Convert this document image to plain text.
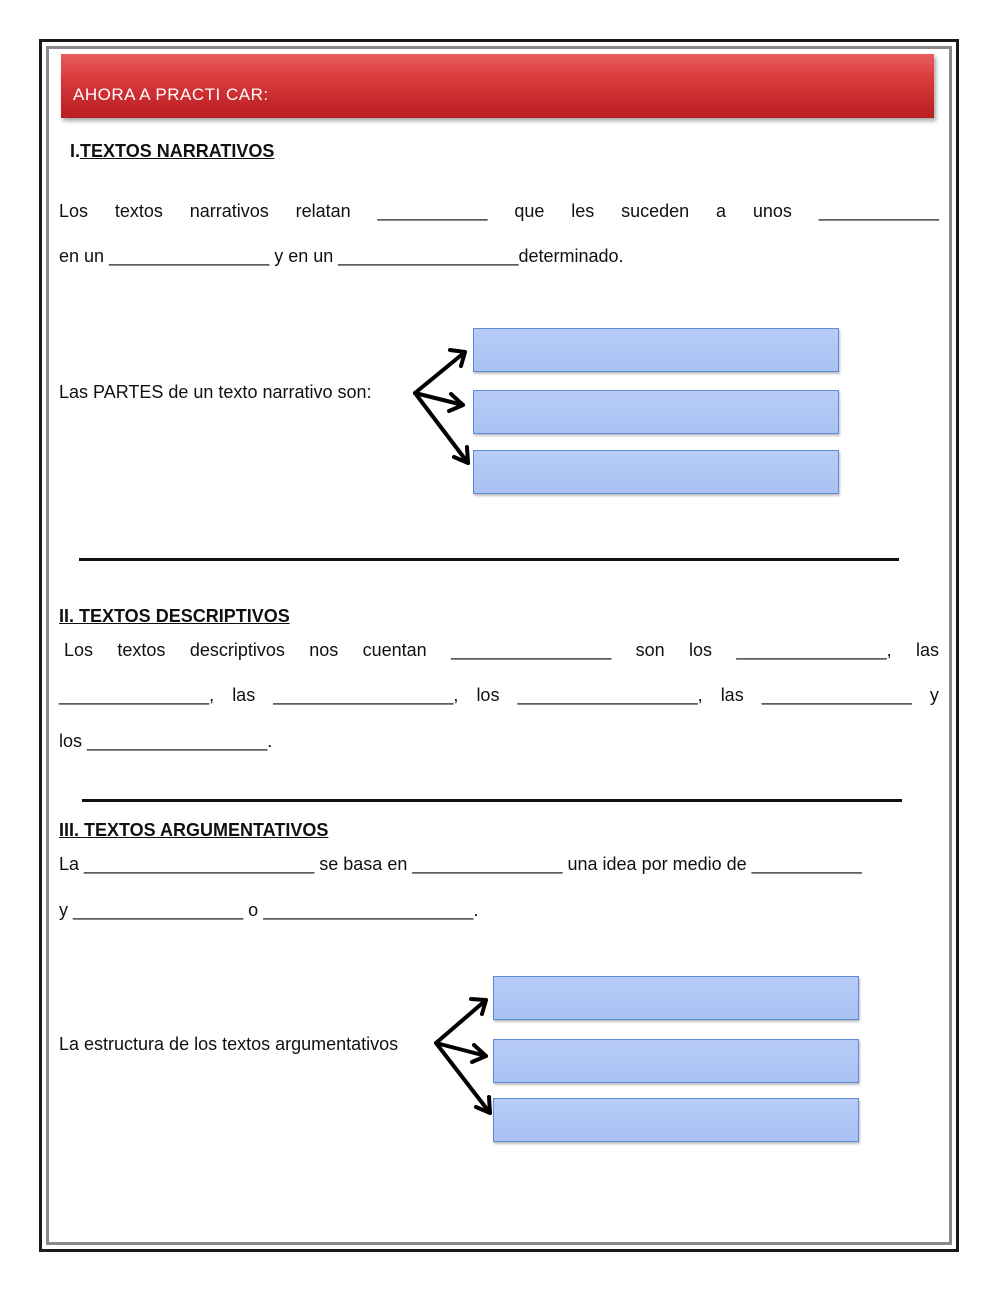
AHORA A PRACTI CAR:
I.TEXTOS NARRATIVOS
Los textos narrativos relatan ___________ que les suceden a unos ____________
en un ________________ y en un __________________determinado.
Las PARTES de un texto narrativo son:
II. TEXTOS DESCRIPTIVOS
Los textos descriptivos nos cuentan ________________ son los _______________, las
_______________, las __________________, los __________________, las _______________ y
los __________________.
III. TEXTOS ARGUMENTATIVOS
La _______________________ se basa en _______________ una idea por medio de ___________
y _________________ o _____________________.
La estructura de los textos argumentativos
